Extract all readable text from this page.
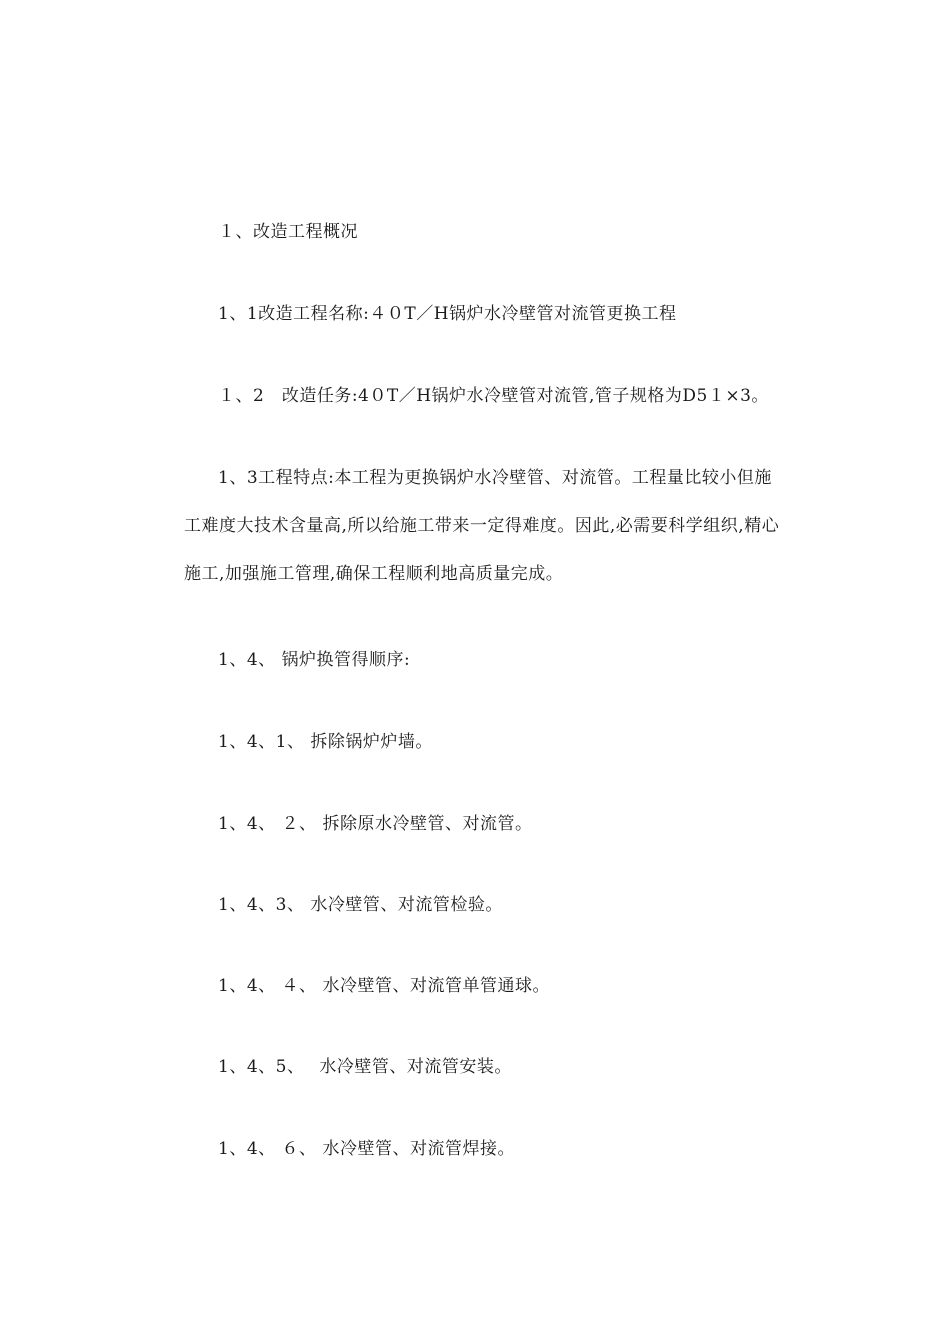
１、改造工程概况
1、1改造工程名称:４０T／H锅炉水冷壁管对流管更换工程
１、2　改造任务:4０T／H锅炉水冷壁管对流管,管子规格为D5１×3。
1、3工程特点:本工程为更换锅炉水冷壁管、对流管。工程量比较小但施
工难度大技术含量高,所以给施工带来一定得难度。因此,必需要科学组织,精心
施工,加强施工管理,确保工程顺利地高质量完成。
1、4、 锅炉换管得顺序:
1、4、1、 拆除锅炉炉墙。
1、4、 ２、 拆除原水冷壁管、对流管。
1、4、3、 水冷壁管、对流管检验。
1、4、 ４、 水冷壁管、对流管单管通球。
1、4、5、　 水冷壁管、对流管安装。
1、4、 ６、 水冷壁管、对流管焊接。
